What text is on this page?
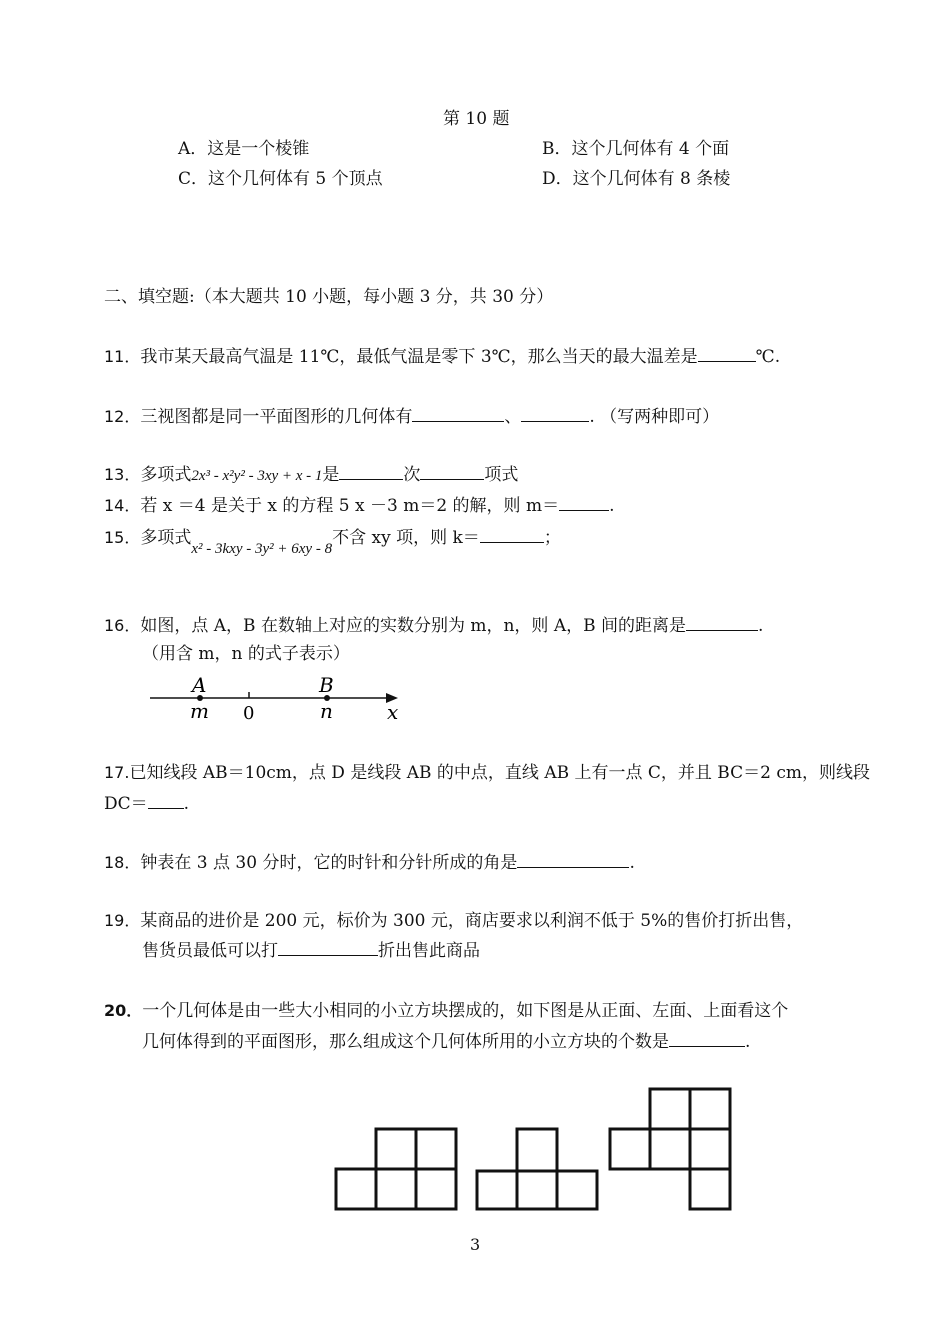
第 10 题
A．这是一个棱锥	B．这个几何体有 4 个面
C．这个几何体有 5 个顶点	D．这个几何体有 8 条棱
二、填空题:（本大题共 10 小题，每小题 3 分，共 30 分）
11．我市某天最高气温是 11℃，最低气温是零下 3℃，那么当天的最大温差是	℃.
12．三视图都是同一平面图形的几何体有	、	. （写两种即可）
13．多项式2x³ - x²y² - 3xy + x - 1是	次	项式
14．若 x ＝4 是关于 x 的方程 5 x －3 m＝2 的解，则 m＝	.
15．多项式x² - 3kxy - 3y² + 6xy - 8不含 xy 项，则 k＝	；
16．如图，点 A，B 在数轴上对应的实数分别为 m，n，则 A，B 间的距离是	.
（用含 m，n 的式子表示）
A
m 0
B
n	x
17.已知线段 AB＝10cm，点 D 是线段 AB 的中点，直线 AB 上有一点 C，并且 BC＝2 cm，则线段
DC＝ .
18．钟表在 3 点 30 分时，它的时针和分针所成的角是	.
19．某商品的进价是 200 元，标价为 300 元，商店要求以利润不低于 5%的售价打折出售，
售货员最低可以打	折出售此商品
20．一个几何体是由一些大小相同的小立方块摆成的，如下图是从正面、左面、上面看这个
几何体得到的平面图形，那么组成这个几何体所用的小立方块的个数是	.
3
